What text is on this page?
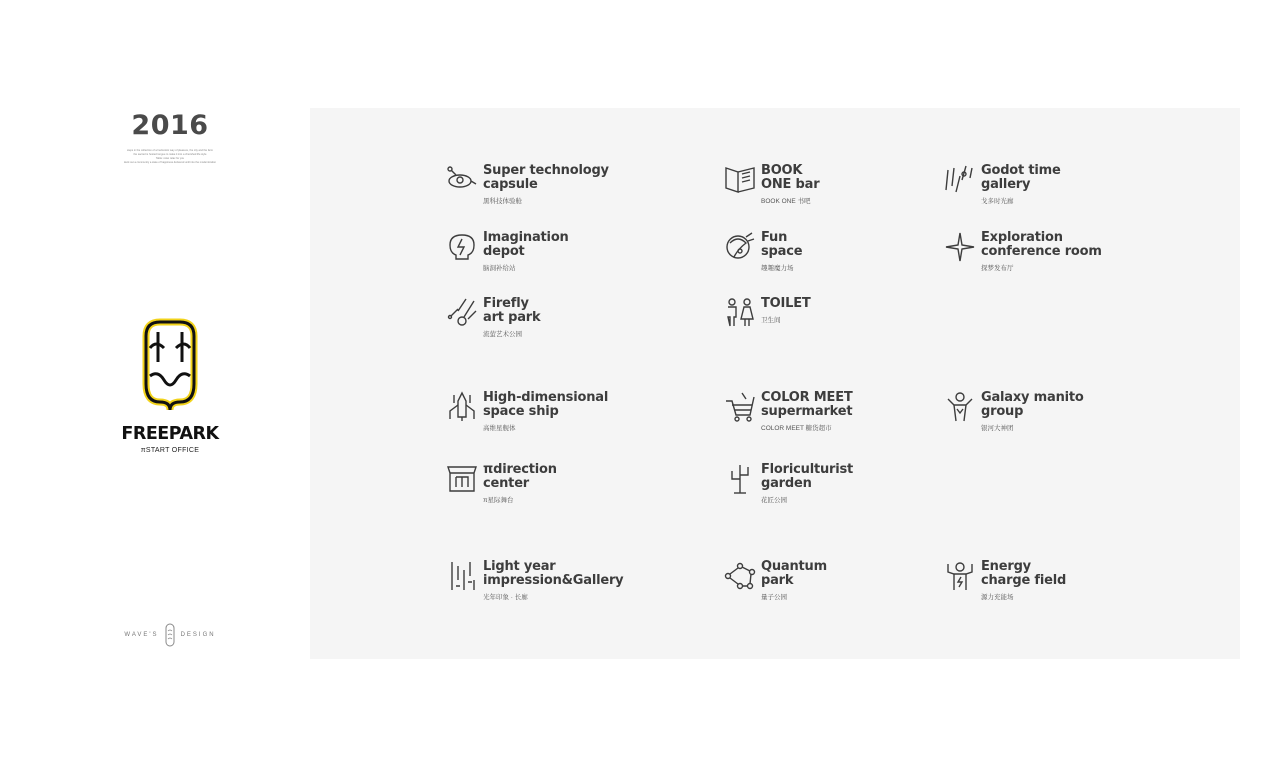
2016
steps in the collection of a hedonistic way of pleasure, the city and the farm
the sacred is hosted tongue to make it into a cherished life style
Table: relax relax for you
deck out a community a state of happiness delivered until into the modernization
FREEPARK
πSTART OFFICE
WAVE'S	DESIGN
Super technology
capsule
黑科技体验舱
BOOK
ONE bar
BOOK ONE 书吧
Godot time
gallery
戈多时光廊
Imagination
depot
脑洞补给站
Fun
space
趣趣魔力场
Exploration
conference room
探梦发布厅
Firefly
art park
流萤艺术公园
TOILET
卫生间
High-dimensional
space ship
高维星舰体
COLOR MEET
supermarket
COLOR MEET 糖货超市
Galaxy manito
group
银河大神团
πdirection
center
π星际舞台
Floriculturist
garden
花匠公园
Light year
impression&Gallery
光年印象 · 长廊
Quantum
park
量子公园
Energy
charge field
源力充能场
